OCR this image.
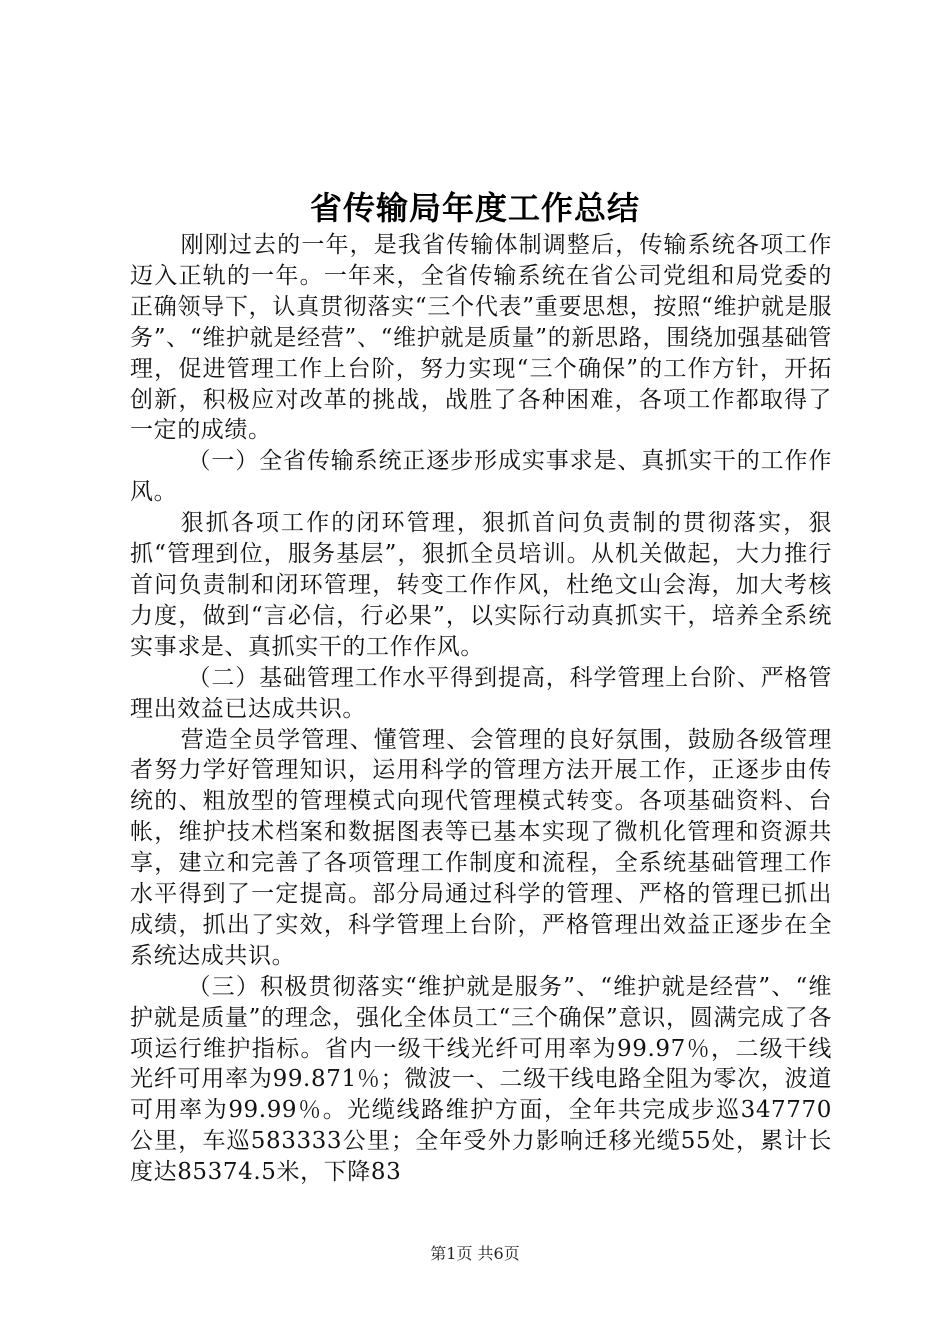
省传输局年度工作总结

刚刚过去的一年，是我省传输体制调整后，传输系统各项工作迈入正轨的一年。一年来，全省传输系统在省公司党组和局党委的正确领导下，认真贯彻落实“三个代表”重要思想，按照“维护就是服务”、“维护就是经营”、“维护就是质量”的新思路，围绕加强基础管理，促进管理工作上台阶，努力实现“三个确保”的工作方针，开拓创新，积极应对改革的挑战，战胜了各种困难，各项工作都取得了一定的成绩。

（一）全省传输系统正逐步形成实事求是、真抓实干的工作作风。

狠抓各项工作的闭环管理，狠抓首问负责制的贯彻落实，狠抓“管理到位，服务基层”，狠抓全员培训。从机关做起，大力推行首问负责制和闭环管理，转变工作作风，杜绝文山会海，加大考核力度，做到“言必信，行必果”，以实际行动真抓实干，培养全系统实事求是、真抓实干的工作作风。

（二）基础管理工作水平得到提高，科学管理上台阶、严格管理出效益已达成共识。

营造全员学管理、懂管理、会管理的良好氛围，鼓励各级管理者努力学好管理知识，运用科学的管理方法开展工作，正逐步由传统的、粗放型的管理模式向现代管理模式转变。各项基础资料、台帐，维护技术档案和数据图表等已基本实现了微机化管理和资源共享，建立和完善了各项管理工作制度和流程，全系统基础管理工作水平得到了一定提高。部分局通过科学的管理、严格的管理已抓出成绩，抓出了实效，科学管理上台阶，严格管理出效益正逐步在全系统达成共识。

（三）积极贯彻落实“维护就是服务”、“维护就是经营”、“维护就是质量”的理念，强化全体员工“三个确保”意识，圆满完成了各项运行维护指标。省内一级干线光纤可用率为99.97％，二级干线光纤可用率为99.871％；微波一、二级干线电路全阻为零次，波道可用率为99.99％。光缆线路维护方面，全年共完成步巡347770公里，车巡583333公里；全年受外力影响迁移光缆55处，累计长度达85374.5米，下降83

第1页 共6页
